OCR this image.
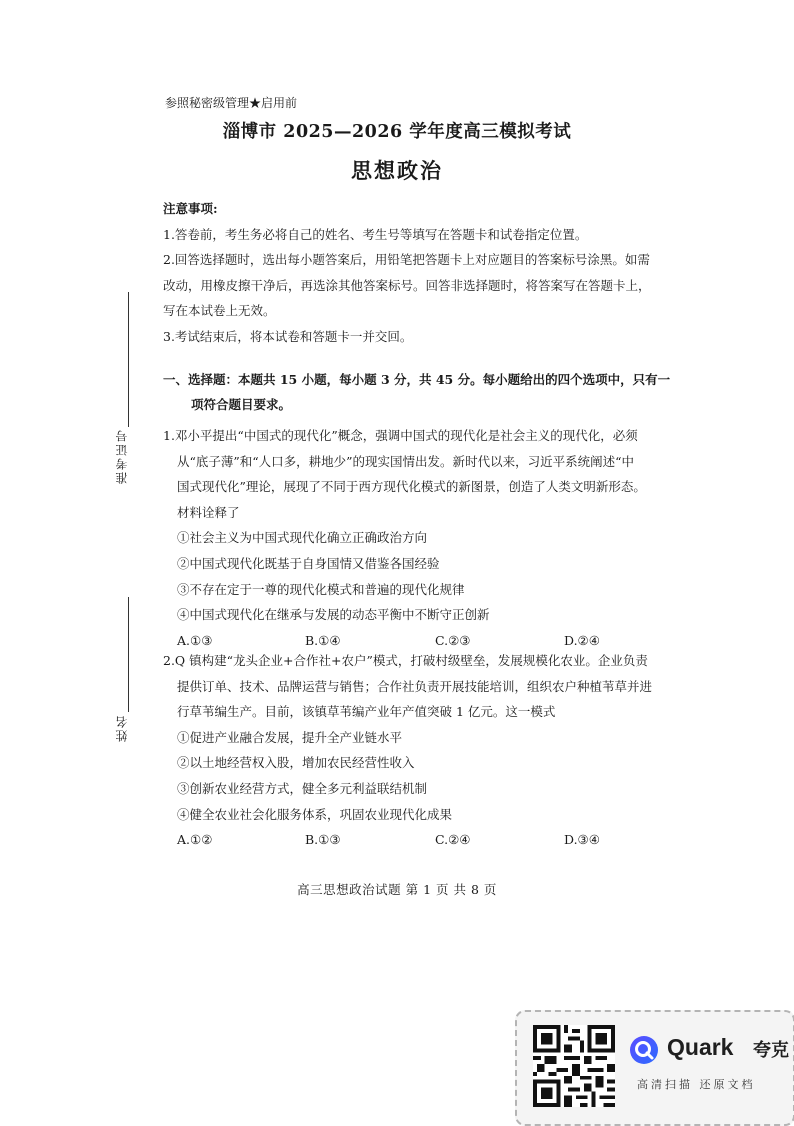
参照秘密级管理★启用前
淄博市 2025—2026 学年度高三模拟考试
思想政治
注意事项:
1.答卷前，考生务必将自己的姓名、考生号等填写在答题卡和试卷指定位置。
2.回答选择题时，选出每小题答案后，用铅笔把答题卡上对应题目的答案标号涂黑。如需
改动，用橡皮擦干净后，再选涂其他答案标号。回答非选择题时，将答案写在答题卡上，
写在本试卷上无效。
3.考试结束后，将本试卷和答题卡一并交回。
一、选择题：本题共 15 小题，每小题 3 分，共 45 分。每小题给出的四个选项中，只有一
项符合题目要求。
1.邓小平提出“中国式的现代化”概念，强调中国式的现代化是社会主义的现代化，必须
从“底子薄”和“人口多，耕地少”的现实国情出发。新时代以来，习近平系统阐述“中
国式现代化”理论，展现了不同于西方现代化模式的新图景，创造了人类文明新形态。
材料诠释了
①社会主义为中国式现代化确立正确政治方向
②中国式现代化既基于自身国情又借鉴各国经验
③不存在定于一尊的现代化模式和普遍的现代化规律
④中国式现代化在继承与发展的动态平衡中不断守正创新
A.①③	B.①④	C.②③	D.②④
2.Q 镇构建“龙头企业+合作社+农户”模式，打破村级壁垒，发展规模化农业。企业负责
提供订单、技术、品牌运营与销售；合作社负责开展技能培训，组织农户种植苇草并进
行草苇编生产。目前，该镇草苇编产业年产值突破 1 亿元。这一模式
①促进产业融合发展，提升全产业链水平
②以土地经营权入股，增加农民经营性收入
③创新农业经营方式，健全多元利益联结机制
④健全农业社会化服务体系，巩固农业现代化成果
A.①②	B.①③	C.②④	D.③④
高三思想政治试题 第 1 页 共 8 页
准考证号
姓名
Quark 夸克
高清扫描 还原文档
